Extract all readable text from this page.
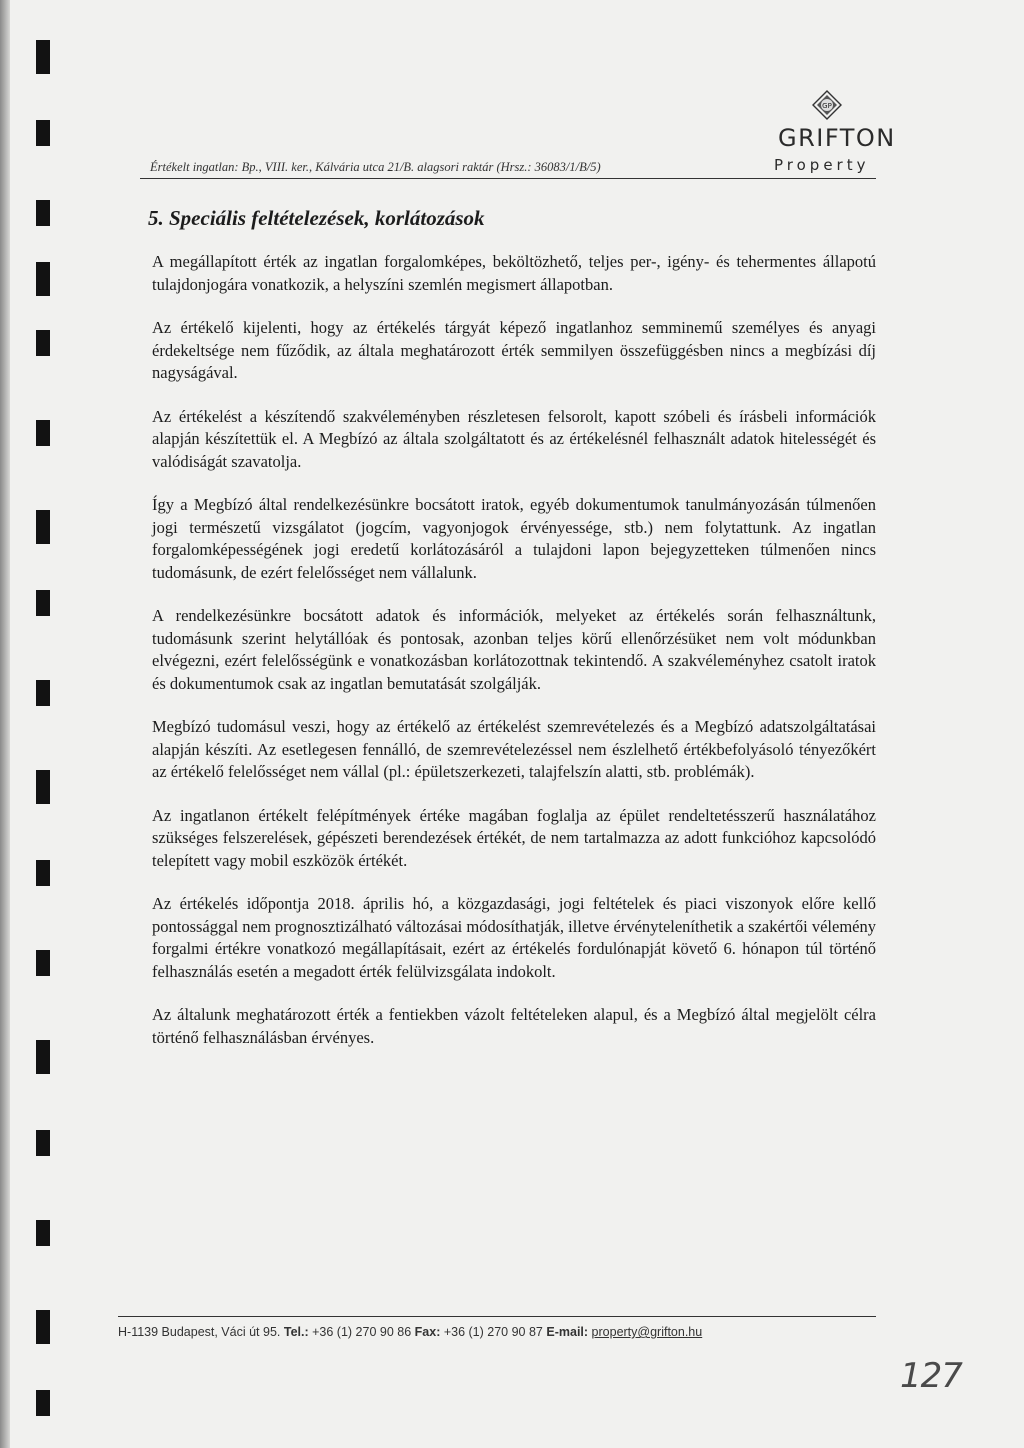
Értékelt ingatlan: Bp., VIII. ker., Kálvária utca 21/B. alagsori raktár (Hrsz.: 36083/1/B/5)
GP
GRIFTON
Property
5. Speciális feltételezések, korlátozások

A megállapított érték az ingatlan forgalomképes, beköltözhető, teljes per-, igény- és tehermentes állapotú tulajdonjogára vonatkozik, a helyszíni szemlén megismert állapotban.

Az értékelő kijelenti, hogy az értékelés tárgyát képező ingatlanhoz semminemű személyes és anyagi érdekeltsége nem fűződik, az általa meghatározott érték semmilyen összefüggésben nincs a megbízási díj nagyságával.

Az értékelést a készítendő szakvéleményben részletesen felsorolt, kapott szóbeli és írásbeli információk alapján készítettük el. A Megbízó az általa szolgáltatott és az értékelésnél felhasznált adatok hitelességét és valódiságát szavatolja.

Így a Megbízó által rendelkezésünkre bocsátott iratok, egyéb dokumentumok tanulmányozásán túlmenően jogi természetű vizsgálatot (jogcím, vagyonjogok érvényessége, stb.) nem folytattunk. Az ingatlan forgalomképességének jogi eredetű korlátozásáról a tulajdoni lapon bejegyzetteken túlmenően nincs tudomásunk, de ezért felelősséget nem vállalunk.

A rendelkezésünkre bocsátott adatok és információk, melyeket az értékelés során felhasználtunk, tudomásunk szerint helytállóak és pontosak, azonban teljes körű ellenőrzésüket nem volt módunkban elvégezni, ezért felelősségünk e vonatkozásban korlátozottnak tekintendő. A szakvéleményhez csatolt iratok és dokumentumok csak az ingatlan bemutatását szolgálják.

Megbízó tudomásul veszi, hogy az értékelő az értékelést szemrevételezés és a Megbízó adatszolgáltatásai alapján készíti. Az esetlegesen fennálló, de szemrevételezéssel nem észlelhető értékbefolyásoló tényezőkért az értékelő felelősséget nem vállal (pl.: épületszerkezeti, talajfelszín alatti, stb. problémák).

Az ingatlanon értékelt felépítmények értéke magában foglalja az épület rendeltetésszerű használatához szükséges felszerelések, gépészeti berendezések értékét, de nem tartalmazza az adott funkcióhoz kapcsolódó telepített vagy mobil eszközök értékét.

Az értékelés időpontja 2018. április hó, a közgazdasági, jogi feltételek és piaci viszonyok előre kellő pontossággal nem prognosztizálható változásai módosíthatják, illetve érvényteleníthetik a szakértői vélemény forgalmi értékre vonatkozó megállapításait, ezért az értékelés fordulónapját követő 6. hónapon túl történő felhasználás esetén a megadott érték felülvizsgálata indokolt.

Az általunk meghatározott érték a fentiekben vázolt feltételeken alapul, és a Megbízó által megjelölt célra történő felhasználásban érvényes.

H-1139 Budapest, Váci út 95. Tel.: +36 (1) 270 90 86 Fax: +36 (1) 270 90 87 E-mail: property@grifton.hu
127
